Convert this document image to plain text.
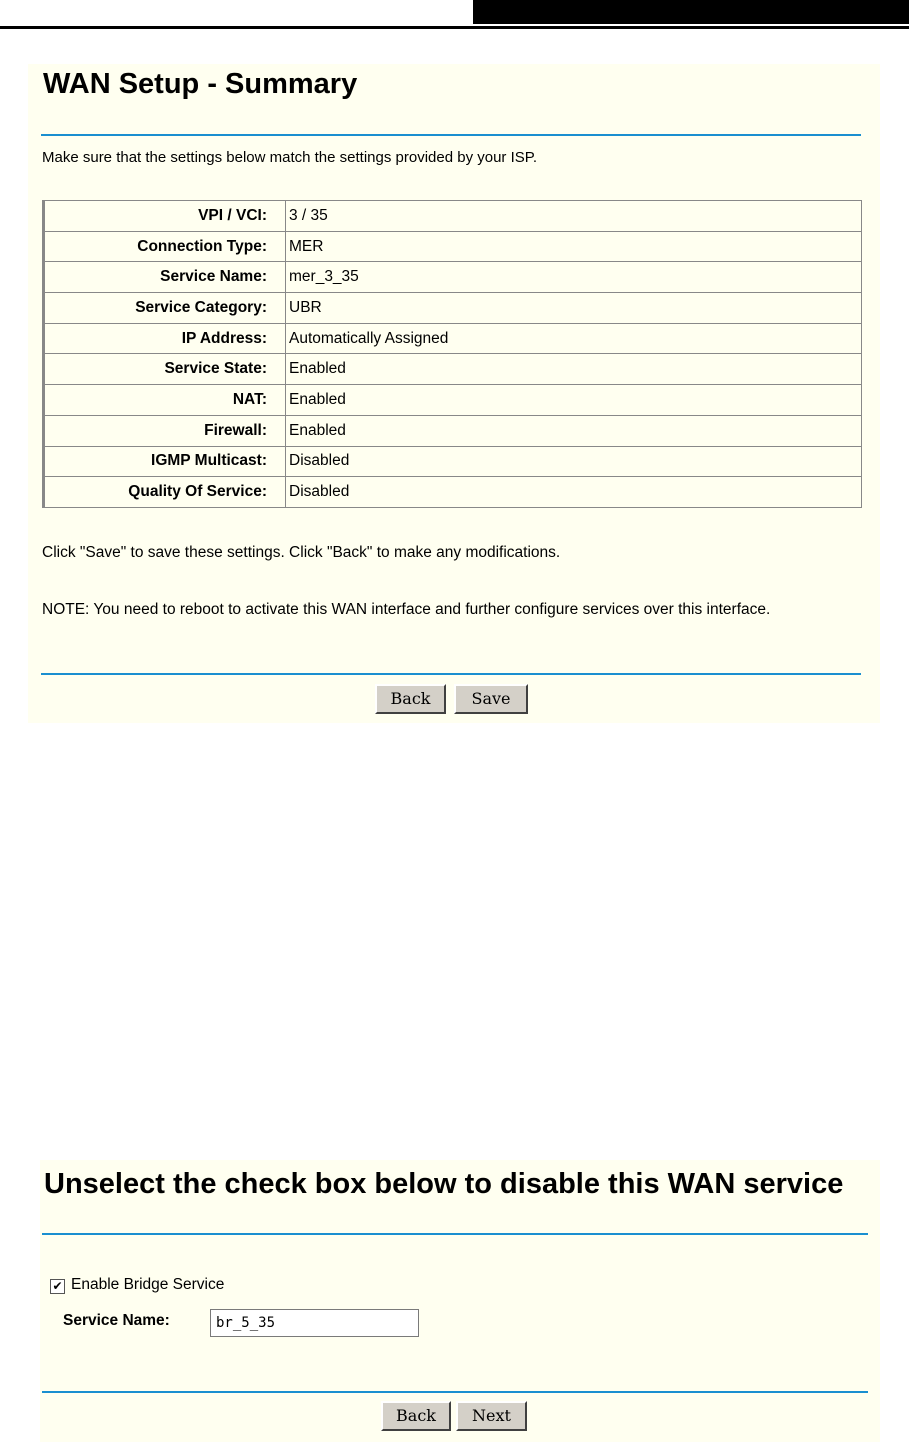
WAN Setup - Summary
Make sure that the settings below match the settings provided by your ISP.
VPI / VCI:	3 / 35
Connection Type:	MER
Service Name:	mer_3_35
Service Category:	UBR
IP Address:	Automatically Assigned
Service State:	Enabled
NAT:	Enabled
Firewall:	Enabled
IGMP Multicast:	Disabled
Quality Of Service:	Disabled
Click "Save" to save these settings. Click "Back" to make any modifications.
NOTE: You need to reboot to activate this WAN interface and further configure services over this interface.
Back	Save
Unselect the check box below to disable this WAN service
✔ Enable Bridge Service
Service Name:	br_5_35
Back	Next
